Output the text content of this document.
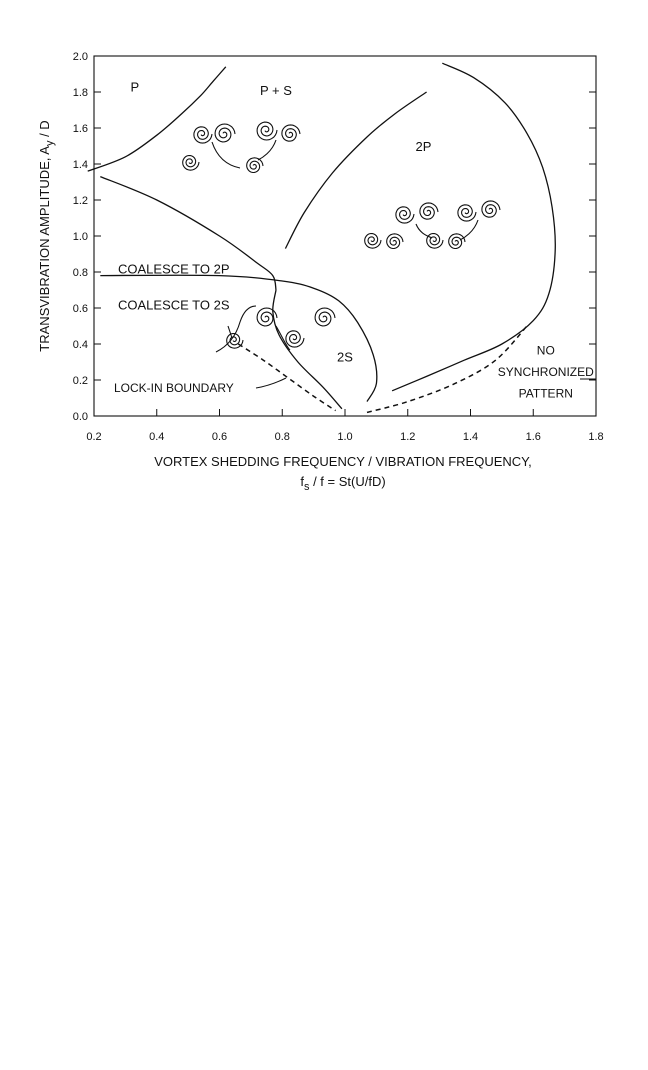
0.0
0.2
0.4
0.6
0.8
1.0
1.2
1.4
1.6
1.8
2.0
0.2	0.4	0.6	0.8	1.0	1.2	1.4	1.6	1.8
P	P + S
2P
2S
COALESCE TO 2P
COALESCE TO 2S
LOCK-IN BOUNDARY
NO
SYNCHRONIZED
PATTERN
TRANSVIBRATION AMPLITUDE, $A_y$ / D
VORTEX SHEDDING FREQUENCY / VIBRATION FREQUENCY,
$f_s / f = St(U/fD)$
